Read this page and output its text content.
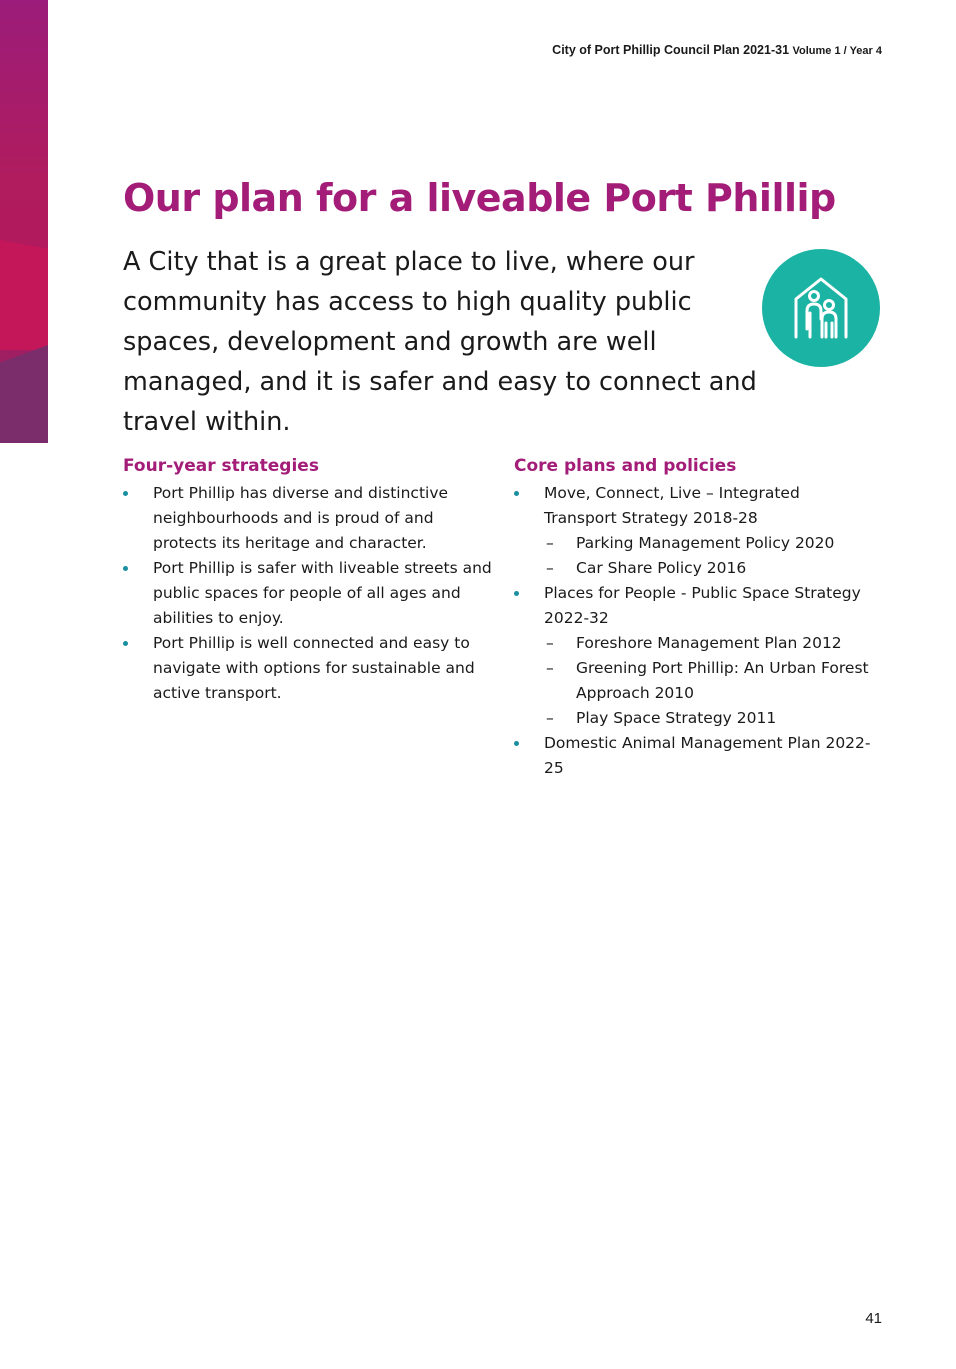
City of Port Phillip Council Plan 2021-31 Volume 1 / Year 4
Our plan for a liveable Port Phillip

A City that is a great place to live, where our community has access to high quality public spaces, development and growth are well managed, and it is safer and easy to connect and travel within.

Four-year strategies
Port Phillip has diverse and distinctive neighbourhoods and is proud of and protects its heritage and character.
Port Phillip is safer with liveable streets and public spaces for people of all ages and abilities to enjoy.
Port Phillip is well connected and easy to navigate with options for sustainable and active transport.
Core plans and policies
Move, Connect, Live – Integrated Transport Strategy 2018-28
– Parking Management Policy 2020
– Car Share Policy 2016
Places for People - Public Space Strategy 2022-32
– Foreshore Management Plan 2012
– Greening Port Phillip: An Urban Forest Approach 2010
– Play Space Strategy 2011
Domestic Animal Management Plan 2022-25
41
